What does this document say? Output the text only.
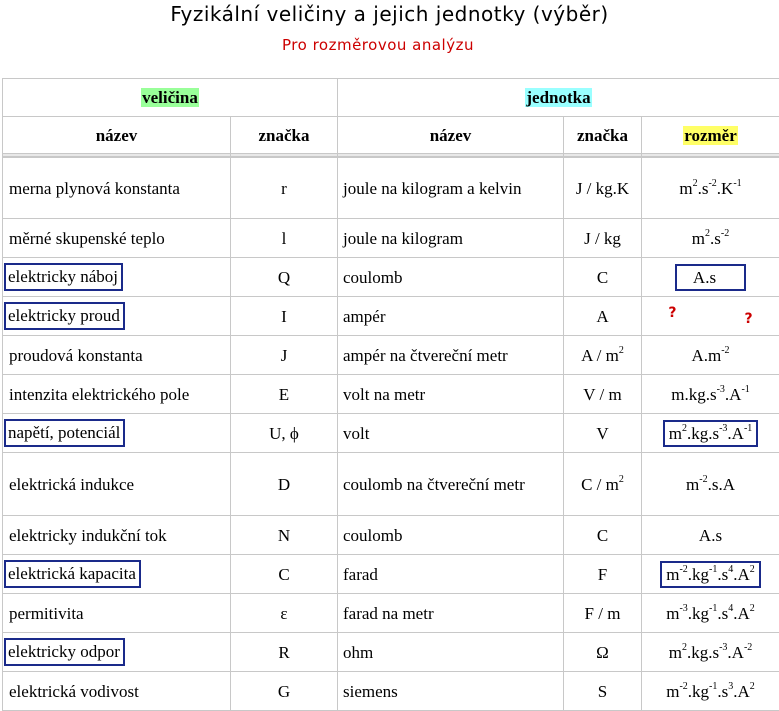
Fyzikální veličiny a jejich jednotky (výběr)
Pro rozměrovou analýzu
veličina		jednotka		
název	značka	název	značka	rozměr

merna plynová konstanta	r	joule na kilogram a kelvin	J / kg.K	$m^2.s^{-2}.K^{-1}$
měrné skupenské teplo	l	joule na kilogram	J / kg	$m^2.s^{-2}$
elektricky náboj	Q	coulomb	C	A.s
elektricky proud	I	ampér	A	? ?
proudová konstanta	J	ampér na čtvereční metr	A / $m^2$	$A.m^{-2}$
intenzita elektrického pole	E	volt na metr	V / m	$m.kg.s^{-3}.A^{-1}$
napětí, potenciál	U, ϕ	volt	V	$m^2.kg.s^{-3}.A^{-1}$
elektrická indukce	D	coulomb na čtvereční metr	C / $m^2$	$m^{-2}.s.A$
elektricky indukční tok	N	coulomb	C	A.s
elektrická kapacita	C	farad	F	$m^{-2}.kg^{-1}.s^4.A^2$
permitivita	ε	farad na metr	F / m	$m^{-3}.kg^{-1}.s^4.A^2$
elektricky odpor	R	ohm	Ω	$m^2.kg.s^{-3}.A^{-2}$
elektrická vodivost	G	siemens	S	$m^{-2}.kg^{-1}.s^3.A^2$
